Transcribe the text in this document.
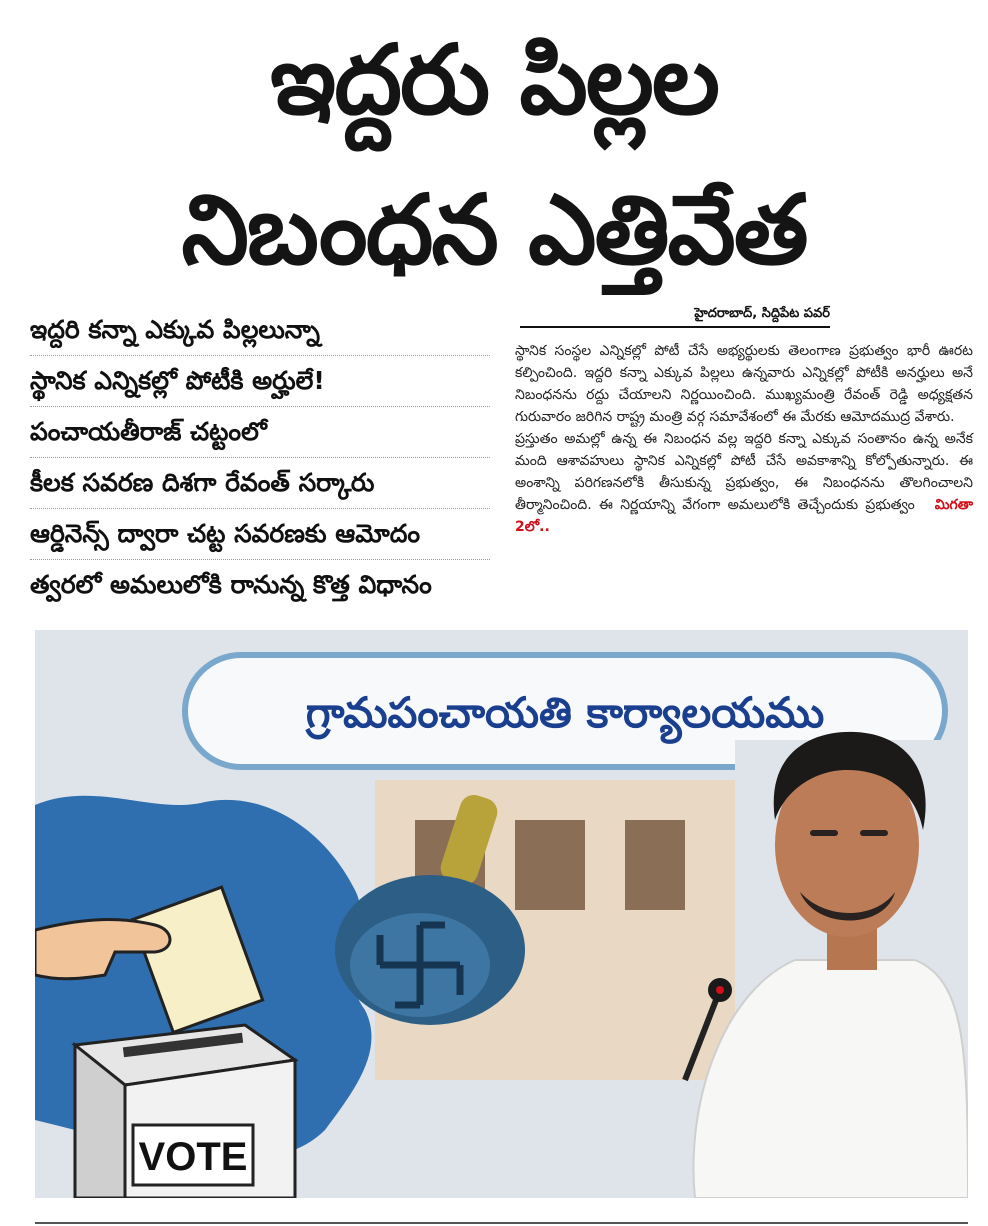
ఇద్దరు పిల్లల
నిబంధన ఎత్తివేత
ఇద్దరి కన్నా ఎక్కువ పిల్లలున్నా
స్థానిక ఎన్నికల్లో పోటీకి అర్హులే!
పంచాయతీరాజ్ చట్టంలో
కీలక సవరణ దిశగా రేవంత్ సర్కారు
ఆర్డినెన్స్ ద్వారా చట్ట సవరణకు ఆమోదం
త్వరలో అమలులోకి రానున్న కొత్త విధానం
హైదరాబాద్, సిద్దిపేట పవర్

స్థానిక సంస్థల ఎన్నికల్లో పోటీ చేసే అభ్యర్థులకు తెలంగాణ ప్రభుత్వం భారీ ఊరట కల్పించింది. ఇద్దరి కన్నా ఎక్కువ పిల్లలు ఉన్నవారు ఎన్నికల్లో పోటీకి అనర్హులు అనే నిబంధనను రద్దు చేయాలని నిర్ణయించింది. ముఖ్యమంత్రి రేవంత్ రెడ్డి అధ్యక్షతన గురువారం జరిగిన రాష్ట్ర మంత్రి వర్గ సమావేశంలో ఈ మేరకు ఆమోదముద్ర వేశారు.

ప్రస్తుతం అమల్లో ఉన్న ఈ నిబంధన వల్ల ఇద్దరి కన్నా ఎక్కువ సంతానం ఉన్న అనేక మంది ఆశావహులు స్థానిక ఎన్నికల్లో పోటీ చేసే అవకాశాన్ని కోల్పోతున్నారు. ఈ అంశాన్ని పరిగణనలోకి తీసుకున్న ప్రభుత్వం, ఈ నిబంధనను తొలగించాలని తీర్మానించింది. ఈ నిర్ణయాన్ని వేగంగా అమలులోకి తెచ్చేందుకు ప్రభుత్వం మిగతా 2లో..

గ్రామపంచాయతి కార్యాలయము
VOTE
